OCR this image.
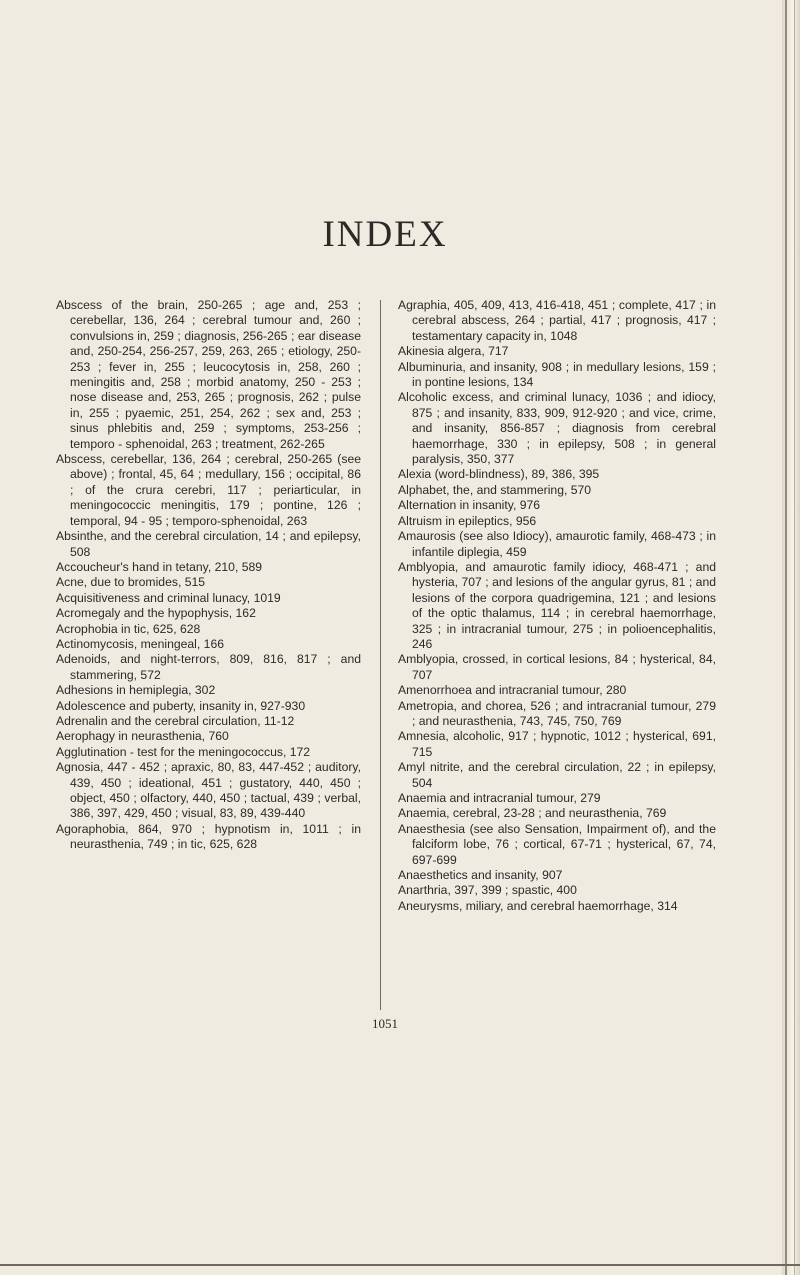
INDEX
Abscess of the brain, 250-265 ; age and, 253 ; cerebellar, 136, 264 ; cerebral tumour and, 260 ; convulsions in, 259 ; diagnosis, 256-265 ; ear disease and, 250-254, 256-257, 259, 263, 265 ; etiology, 250-253 ; fever in, 255 ; leucocytosis in, 258, 260 ; meningitis and, 258 ; morbid anatomy, 250 - 253 ; nose disease and, 253, 265 ; prognosis, 262 ; pulse in, 255 ; pyaemic, 251, 254, 262 ; sex and, 253 ; sinus phlebitis and, 259 ; symptoms, 253-256 ; temporo - sphenoidal, 263 ; treatment, 262-265
Abscess, cerebellar, 136, 264 ; cerebral, 250-265 (see above) ; frontal, 45, 64 ; medullary, 156 ; occipital, 86 ; of the crura cerebri, 117 ; periarticular, in meningococcic meningitis, 179 ; pontine, 126 ; temporal, 94 - 95 ; temporo-sphenoidal, 263
Absinthe, and the cerebral circulation, 14 ; and epilepsy, 508
Accoucheur's hand in tetany, 210, 589
Acne, due to bromides, 515
Acquisitiveness and criminal lunacy, 1019
Acromegaly and the hypophysis, 162
Acrophobia in tic, 625, 628
Actinomycosis, meningeal, 166
Adenoids, and night-terrors, 809, 816, 817 ; and stammering, 572
Adhesions in hemiplegia, 302
Adolescence and puberty, insanity in, 927-930
Adrenalin and the cerebral circulation, 11-12
Aerophagy in neurasthenia, 760
Agglutination - test for the meningococcus, 172
Agnosia, 447 - 452 ; apraxic, 80, 83, 447-452 ; auditory, 439, 450 ; ideational, 451 ; gustatory, 440, 450 ; object, 450 ; olfactory, 440, 450 ; tactual, 439 ; verbal, 386, 397, 429, 450 ; visual, 83, 89, 439-440
Agoraphobia, 864, 970 ; hypnotism in, 1011 ; in neurasthenia, 749 ; in tic, 625, 628
Agraphia, 405, 409, 413, 416-418, 451 ; complete, 417 ; in cerebral abscess, 264 ; partial, 417 ; prognosis, 417 ; testamentary capacity in, 1048
Akinesia algera, 717
Albuminuria, and insanity, 908 ; in medullary lesions, 159 ; in pontine lesions, 134
Alcoholic excess, and criminal lunacy, 1036 ; and idiocy, 875 ; and insanity, 833, 909, 912-920 ; and vice, crime, and insanity, 856-857 ; diagnosis from cerebral haemorrhage, 330 ; in epilepsy, 508 ; in general paralysis, 350, 377
Alexia (word-blindness), 89, 386, 395
Alphabet, the, and stammering, 570
Alternation in insanity, 976
Altruism in epileptics, 956
Amaurosis (see also Idiocy), amaurotic family, 468-473 ; in infantile diplegia, 459
Amblyopia, and amaurotic family idiocy, 468-471 ; and hysteria, 707 ; and lesions of the angular gyrus, 81 ; and lesions of the corpora quadrigemina, 121 ; and lesions of the optic thalamus, 114 ; in cerebral haemorrhage, 325 ; in intracranial tumour, 275 ; in polioencephalitis, 246
Amblyopia, crossed, in cortical lesions, 84 ; hysterical, 84, 707
Amenorrhoea and intracranial tumour, 280
Ametropia, and chorea, 526 ; and intracranial tumour, 279 ; and neurasthenia, 743, 745, 750, 769
Amnesia, alcoholic, 917 ; hypnotic, 1012 ; hysterical, 691, 715
Amyl nitrite, and the cerebral circulation, 22 ; in epilepsy, 504
Anaemia and intracranial tumour, 279
Anaemia, cerebral, 23-28 ; and neurasthenia, 769
Anaesthesia (see also Sensation, Impairment of), and the falciform lobe, 76 ; cortical, 67-71 ; hysterical, 67, 74, 697-699
Anaesthetics and insanity, 907
Anarthria, 397, 399 ; spastic, 400
Aneurysms, miliary, and cerebral haemorrhage, 314
1051
